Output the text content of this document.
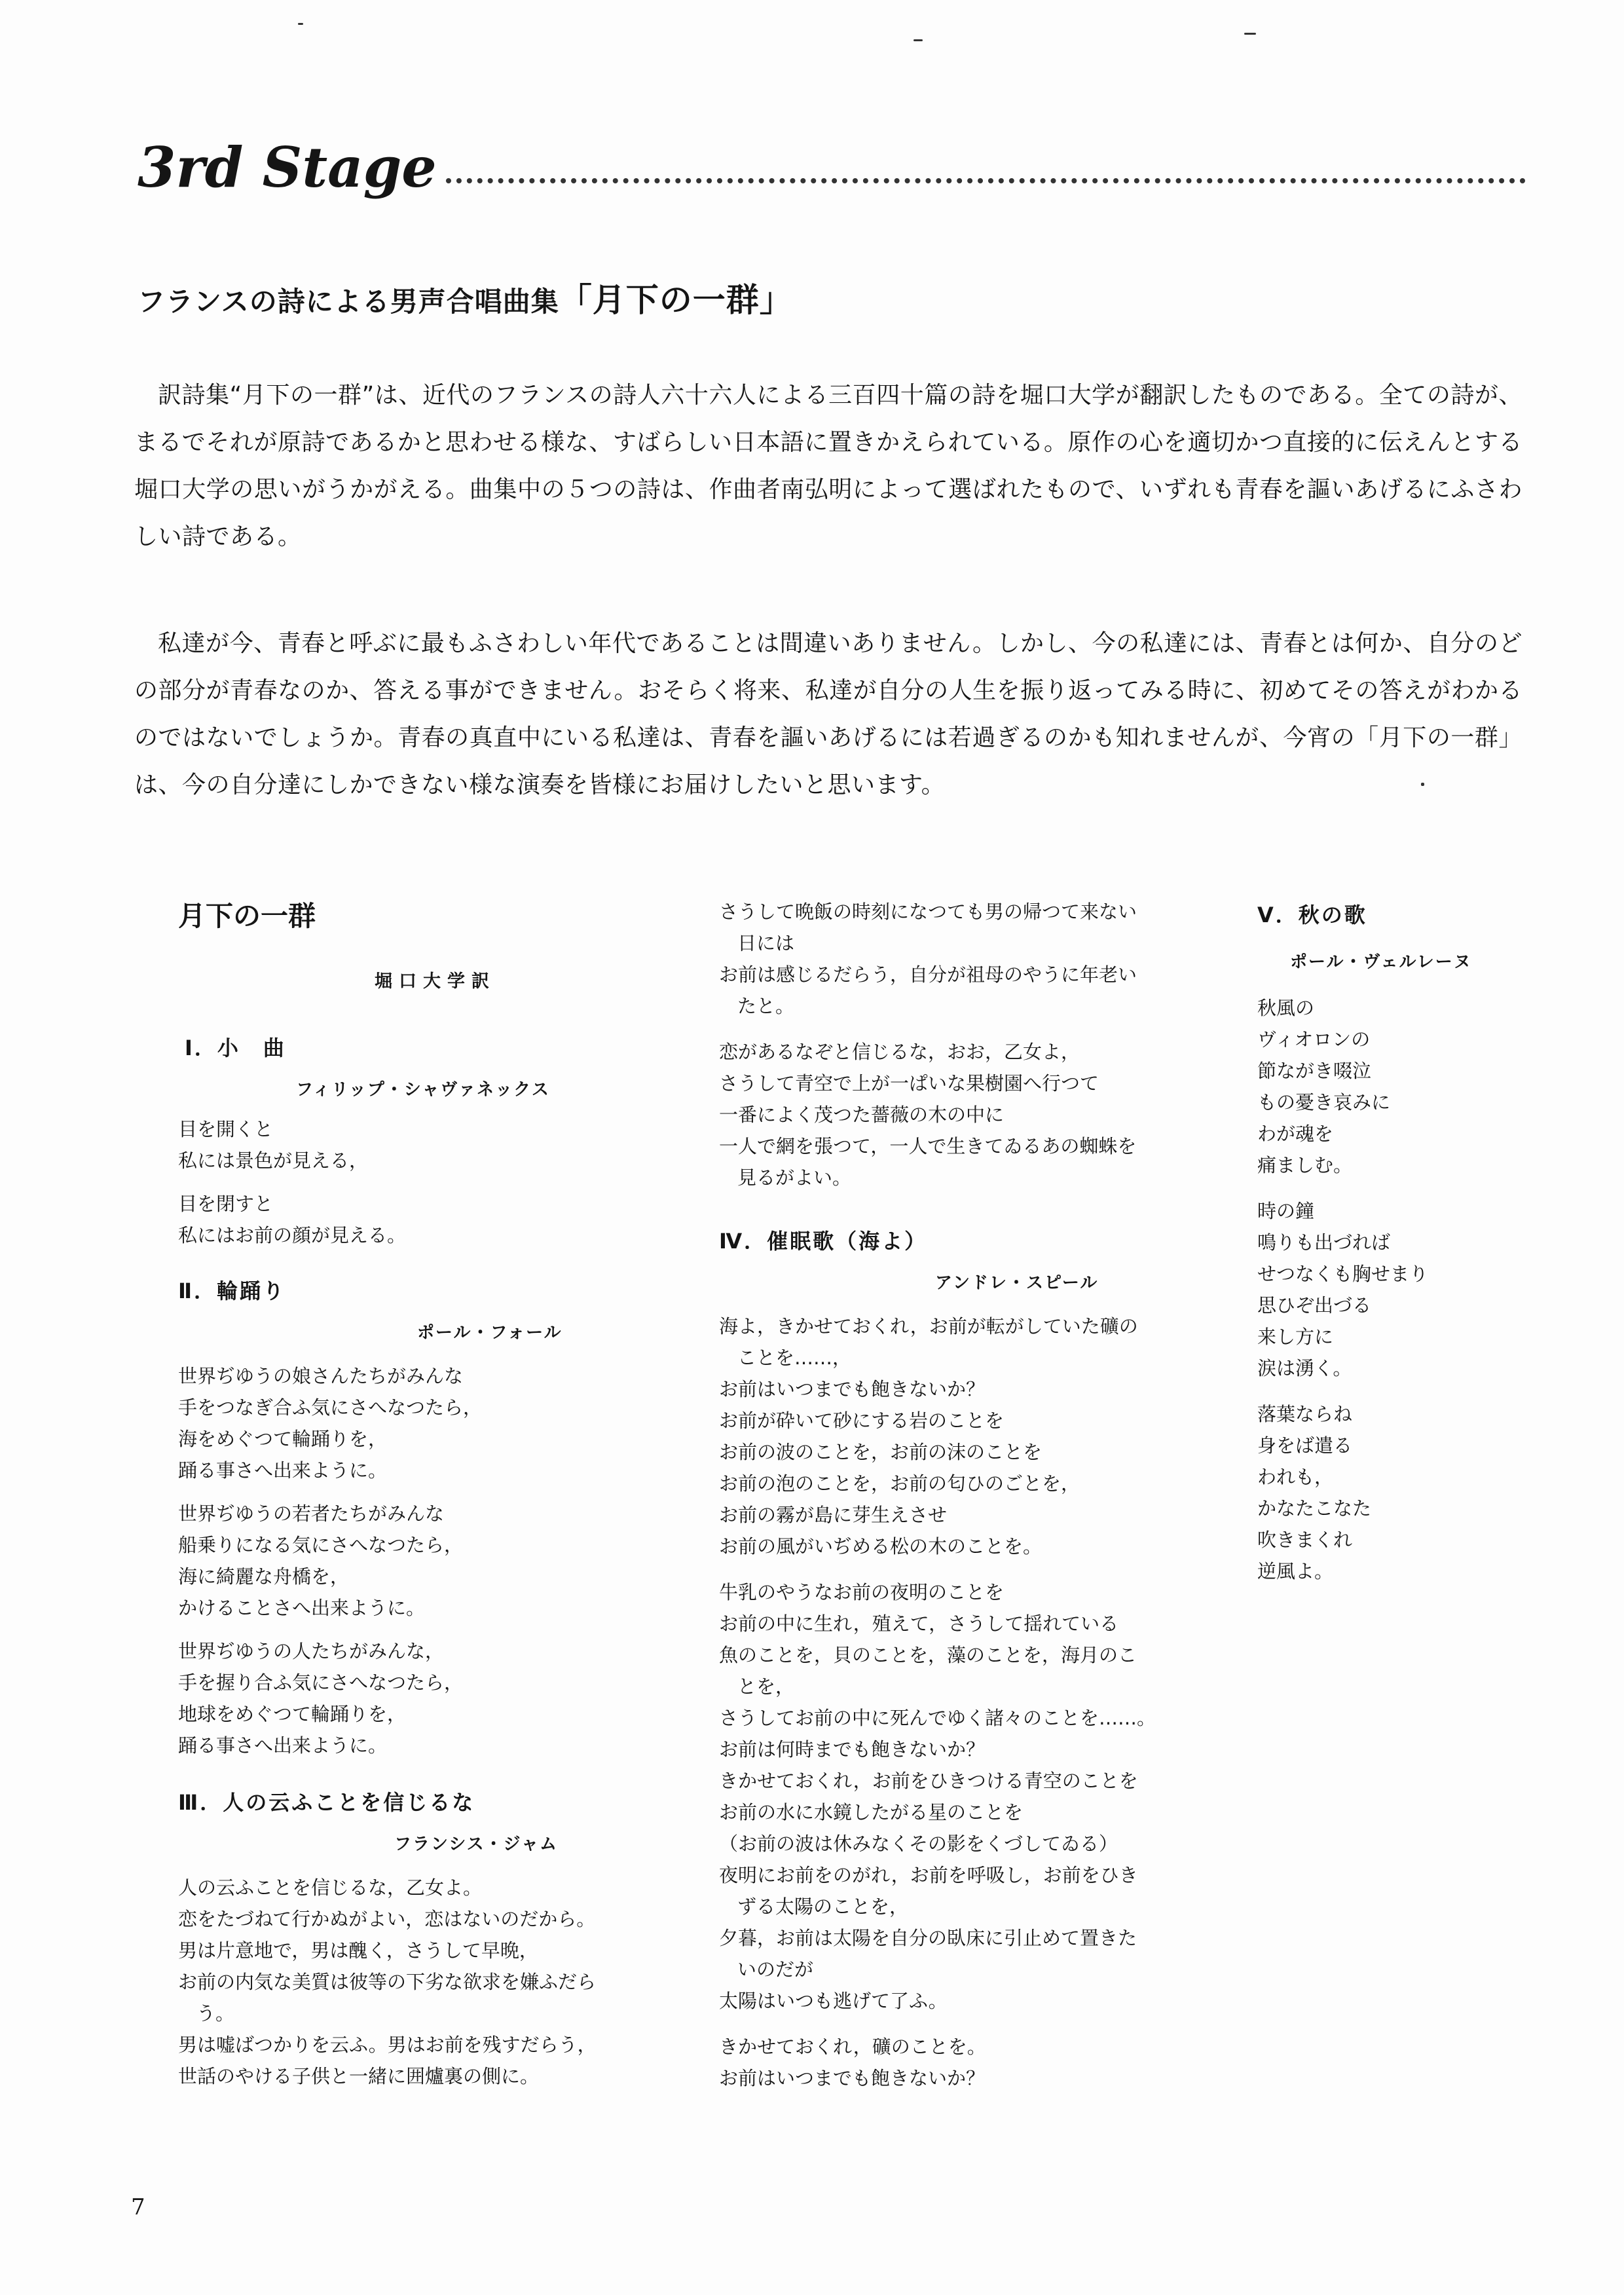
3rd Stage
フランスの詩による男声合唱曲集「月下の一群」

訳詩集“月下の一群”は、近代のフランスの詩人六十六人による三百四十篇の詩を堀口大学が翻訳したものである。全ての詩が、まるでそれが原詩であるかと思わせる様な、すばらしい日本語に置きかえられている。原作の心を適切かつ直接的に伝えんとする堀口大学の思いがうかがえる。曲集中の５つの詩は、作曲者南弘明によって選ばれたもので、いずれも青春を謳いあげるにふさわしい詩である。

私達が今、青春と呼ぶに最もふさわしい年代であることは間違いありません。しかし、今の私達には、青春とは何か、自分のどの部分が青春なのか、答える事ができません。おそらく将来、私達が自分の人生を振り返ってみる時に、初めてその答えがわかるのではないでしょうか。青春の真直中にいる私達は、青春を謳いあげるには若過ぎるのかも知れませんが、今宵の「月下の一群」は、今の自分達にしかできない様な演奏を皆様にお届けしたいと思います。

月下の一群
堀口大学訳
Ⅰ．小　曲
フィリップ・シャヴァネックス
目を開くと
私には景色が見える，
目を閉すと
私にはお前の顔が見える。
Ⅱ．輪踊り
ポール・フォール
世界ぢゆうの娘さんたちがみんな
手をつなぎ合ふ気にさへなつたら，
海をめぐつて輪踊りを，
踊る事さへ出来ように。
世界ぢゆうの若者たちがみんな
船乗りになる気にさへなつたら，
海に綺麗な舟橋を，
かけることさへ出来ように。
世界ぢゆうの人たちがみんな，
手を握り合ふ気にさへなつたら，
地球をめぐつて輪踊りを，
踊る事さへ出来ように。
Ⅲ．人の云ふことを信じるな
フランシス・ジャム
人の云ふことを信じるな，乙女よ。
恋をたづねて行かぬがよい，恋はないのだから。
男は片意地で，男は醜く，さうして早晩，
お前の内気な美質は彼等の下劣な欲求を嫌ふだら
う。
男は嘘ばつかりを云ふ。男はお前を残すだらう，
世話のやける子供と一緒に囲爐裏の側に。
さうして晩飯の時刻になつても男の帰つて来ない
日には
お前は感じるだらう，自分が祖母のやうに年老い
たと。
恋があるなぞと信じるな，おお，乙女よ，
さうして青空で上が一ぱいな果樹園へ行つて
一番によく茂つた薔薇の木の中に
一人で網を張つて，一人で生きてゐるあの蜘蛛を
見るがよい。
Ⅳ．催眠歌（海よ）
アンドレ・スピール
海よ，きかせておくれ，お前が転がしていた礦の
ことを……，
お前はいつまでも飽きないか？
お前が砕いて砂にする岩のことを
お前の波のことを，お前の沫のことを
お前の泡のことを，お前の匂ひのごとを，
お前の霧が島に芽生えさせ
お前の風がいぢめる松の木のことを。
牛乳のやうなお前の夜明のことを
お前の中に生れ，殖えて，さうして揺れている
魚のことを，貝のことを，藻のことを，海月のこ
とを，
さうしてお前の中に死んでゆく諸々のことを……。
お前は何時までも飽きないか？
きかせておくれ，お前をひきつける青空のことを
お前の水に水鏡したがる星のことを
（お前の波は休みなくその影をくづしてゐる）
夜明にお前をのがれ，お前を呼吸し，お前をひき
ずる太陽のことを，
夕暮，お前は太陽を自分の臥床に引止めて置きた
いのだが
太陽はいつも逃げて了ふ。
きかせておくれ，礦のことを。
お前はいつまでも飽きないか？
Ⅴ．秋の歌
ポール・ヴェルレーヌ
秋風の
ヴィオロンの
節ながき啜泣
もの憂き哀みに
わが魂を
痛ましむ。
時の鐘
鳴りも出づれば
せつなくも胸せまり
思ひぞ出づる
来し方に
涙は湧く。
落葉ならね
身をば遣る
われも，
かなたこなた
吹きまくれ
逆風よ。
7
